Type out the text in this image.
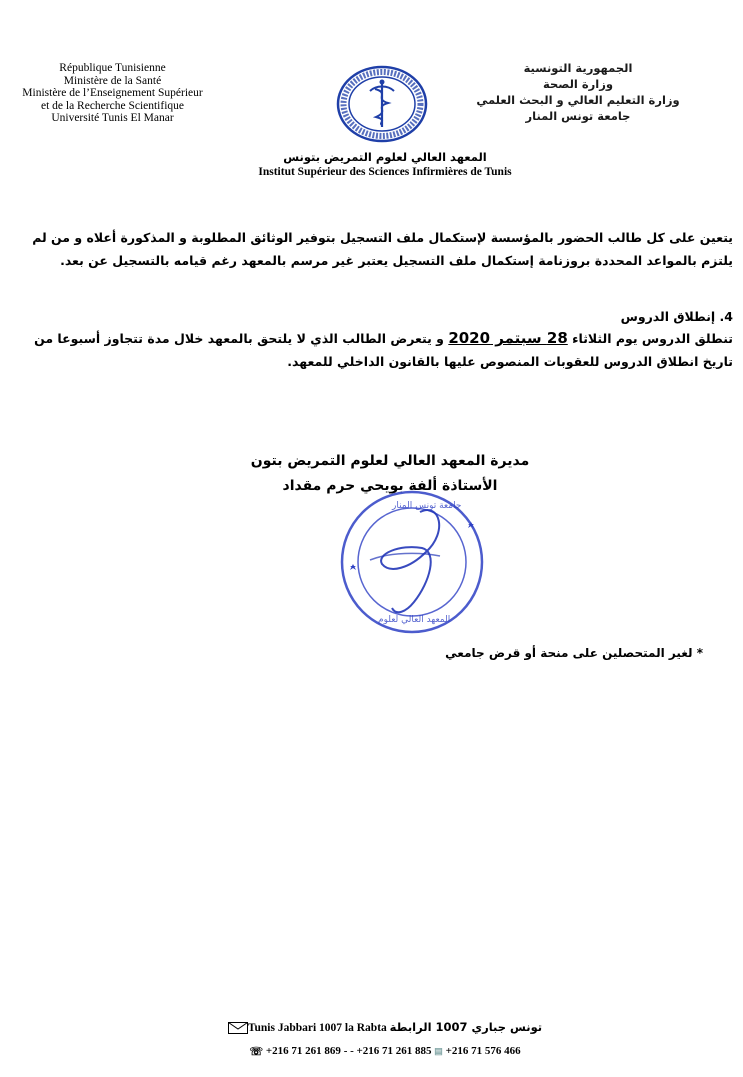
République Tunisienne
Ministère de la Santé
Ministère de l’Enseignement Supérieur
et de la Recherche Scientifique
Université Tunis El Manar
الجمهورية التونسية
وزارة الصحة
وزارة التعليم العالي و البحث العلمي
جامعة تونس المنار
المعهد العالي لعلوم التمريض بتونس
Institut Supérieur des Sciences Infirmières de Tunis
يتعين على كل طالب الحضور بالمؤسسة لإستكمال ملف التسجيل بتوفير الوثائق المطلوبة و المذكورة أعلاه و من لم
يلتزم بالمواعد المحددة بروزنامة إستكمال ملف التسجيل يعتبر غير مرسم بالمعهد رغم قيامه بالتسجيل عن بعد.
4. إنطلاق الدروس
تنطلق الدروس يوم الثلاثاء 28 سبتمر 2020 و يتعرض الطالب الذي لا يلتحق بالمعهد خلال مدة تتجاوز أسبوعا من
تاريخ انطلاق الدروس للعقوبات المنصوص عليها بالقانون الداخلي للمعهد.
مديرة المعهد العالي لعلوم التمريض بتون
الأستاذة ألفة بويحي حرم مقداد
جامعة تونس المنار
المعهد العالي لعلوم
* لغير المتحصلين على منحة أو قرض جامعي
Tunis Jabbari 1007 la Rabta تونس جباري 1007 الرابطة
☏ +216 71 261 869 - - +216 71 261 885 ▤ +216 71 576 466
